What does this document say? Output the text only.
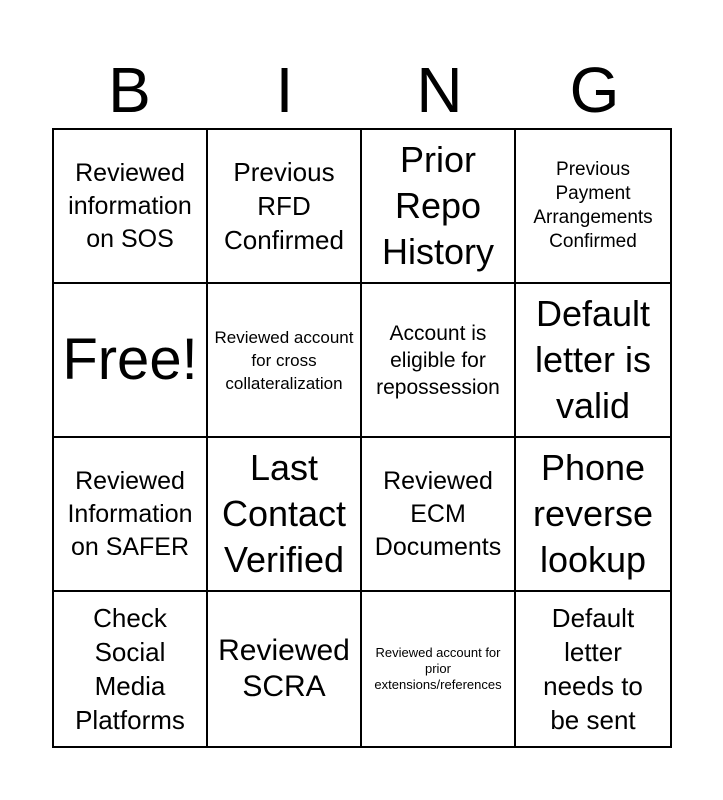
B	I	N	G
Reviewed information on SOS
Previous RFD Confirmed
Prior Repo History
Previous Payment Arrangements Confirmed
Free! Reviewed account for cross collateralization
Account is eligible for repossession
Default letter is valid
Reviewed Information on SAFER
Last Contact Verified
Reviewed ECM Documents
Phone reverse lookup
Check Social Media Platforms
Reviewed SCRA
Reviewed account for prior extensions/references
Default letter needs to be sent
